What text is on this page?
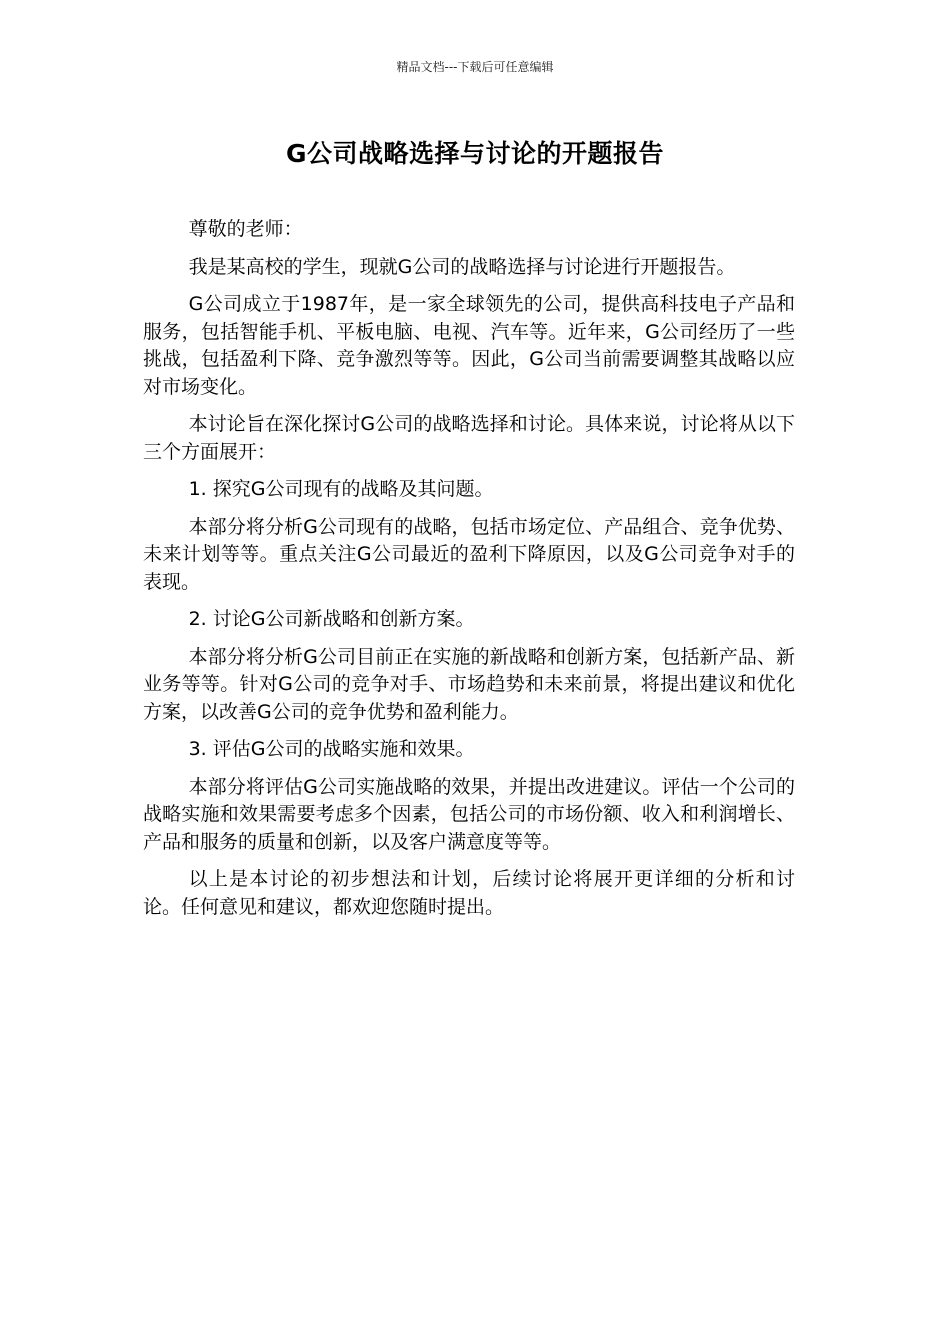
精品文档---下载后可任意编辑
G公司战略选择与讨论的开题报告

尊敬的老师：

我是某高校的学生，现就G公司的战略选择与讨论进行开题报告。

G公司成立于1987年，是一家全球领先的公司，提供高科技电子产品和服务，包括智能手机、平板电脑、电视、汽车等。近年来，G公司经历了一些挑战，包括盈利下降、竞争激烈等等。因此，G公司当前需要调整其战略以应对市场变化。

本讨论旨在深化探讨G公司的战略选择和讨论。具体来说，讨论将从以下三个方面展开：

1. 探究G公司现有的战略及其问题。

本部分将分析G公司现有的战略，包括市场定位、产品组合、竞争优势、未来计划等等。重点关注G公司最近的盈利下降原因，以及G公司竞争对手的表现。

2. 讨论G公司新战略和创新方案。

本部分将分析G公司目前正在实施的新战略和创新方案，包括新产品、新业务等等。针对G公司的竞争对手、市场趋势和未来前景，将提出建议和优化方案，以改善G公司的竞争优势和盈利能力。

3. 评估G公司的战略实施和效果。

本部分将评估G公司实施战略的效果，并提出改进建议。评估一个公司的战略实施和效果需要考虑多个因素，包括公司的市场份额、收入和利润增长、产品和服务的质量和创新，以及客户满意度等等。

以上是本讨论的初步想法和计划，后续讨论将展开更详细的分析和讨论。任何意见和建议，都欢迎您随时提出。
